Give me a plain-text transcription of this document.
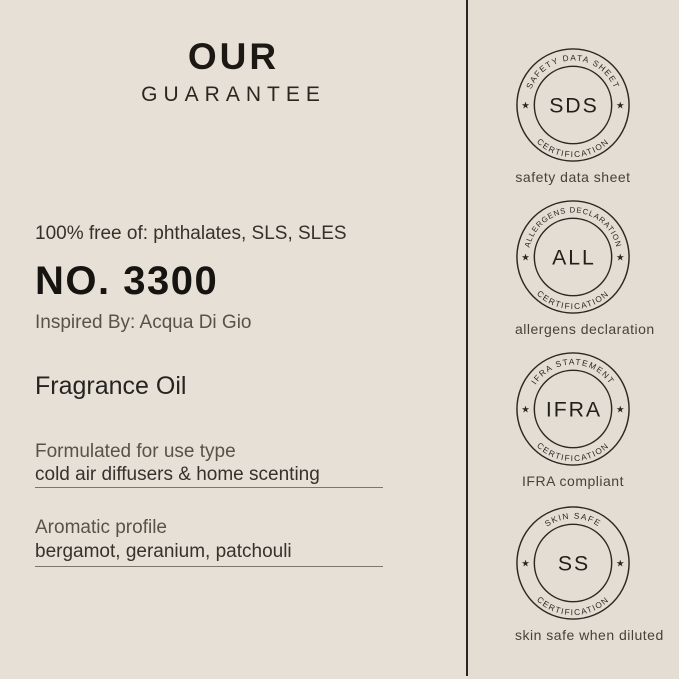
OUR
GUARANTEE
100% free of: phthalates, SLS, SLES
NO. 3300
Inspired By: Acqua Di Gio
Fragrance Oil
Formulated for use type
cold air diffusers & home scenting
Aromatic profile
bergamot, geranium, patchouli
SAFETY DATA SHEET
CERTIFICATION
★	★
SDS
safety data sheet
ALLERGENS DECLARATION
CERTIFICATION
★	★
ALL
allergens declaration
IFRA STATEMENT
CERTIFICATION
★	★
IFRA
IFRA compliant
SKIN SAFE
CERTIFICATION
★	★
SS
skin safe when diluted
